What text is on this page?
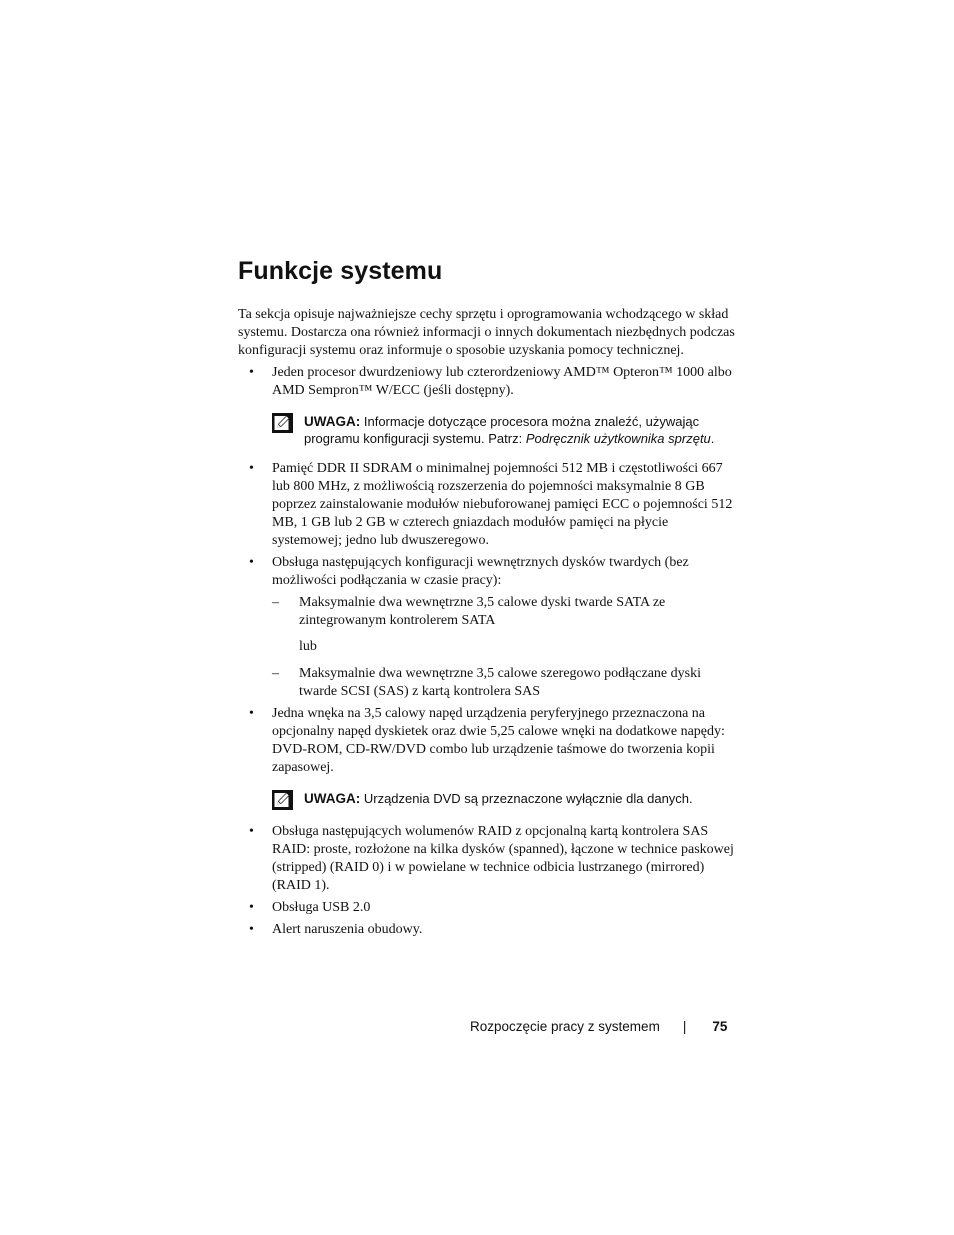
Funkcje systemu

Ta sekcja opisuje najważniejsze cechy sprzętu i oprogramowania wchodzącego w skład systemu. Dostarcza ona również informacji o innych dokumentach niezbędnych podczas konfiguracji systemu oraz informuje o sposobie uzyskania pomocy technicznej.

• Jeden procesor dwurdzeniowy lub czterordzeniowy AMD™ Opteron™ 1000 albo AMD Sempron™ W/ECC (jeśli dostępny).
UWAGA: Informacje dotyczące procesora można znaleźć, używając programu konfiguracji systemu. Patrz: Podręcznik użytkownika sprzętu.
• Pamięć DDR II SDRAM o minimalnej pojemności 512 MB i częstotliwości 667 lub 800 MHz, z możliwością rozszerzenia do pojemności maksymalnie 8 GB poprzez zainstalowanie modułów niebuforowanej pamięci ECC o pojemności 512 MB, 1 GB lub 2 GB w czterech gniazdach modułów pamięci na płycie systemowej; jedno lub dwuszeregowo.
• Obsługa następujących konfiguracji wewnętrznych dysków twardych (bez możliwości podłączania w czasie pracy):
– Maksymalnie dwa wewnętrzne 3,5 calowe dyski twarde SATA ze zintegrowanym kontrolerem SATA
lub
– Maksymalnie dwa wewnętrzne 3,5 calowe szeregowo podłączane dyski twarde SCSI (SAS) z kartą kontrolera SAS
• Jedna wnęka na 3,5 calowy napęd urządzenia peryferyjnego przeznaczona na opcjonalny napęd dyskietek oraz dwie 5,25 calowe wnęki na dodatkowe napędy: DVD-ROM, CD-RW/DVD combo lub urządzenie taśmowe do tworzenia kopii zapasowej.
UWAGA: Urządzenia DVD są przeznaczone wyłącznie dla danych.
• Obsługa następujących wolumenów RAID z opcjonalną kartą kontrolera SAS RAID: proste, rozłożone na kilka dysków (spanned), łączone w technice paskowej (stripped) (RAID 0) i w powielane w technice odbicia lustrzanego (mirrored) (RAID 1).
• Obsługa USB 2.0
• Alert naruszenia obudowy.
Rozpoczęcie pracy z systemem | 75
